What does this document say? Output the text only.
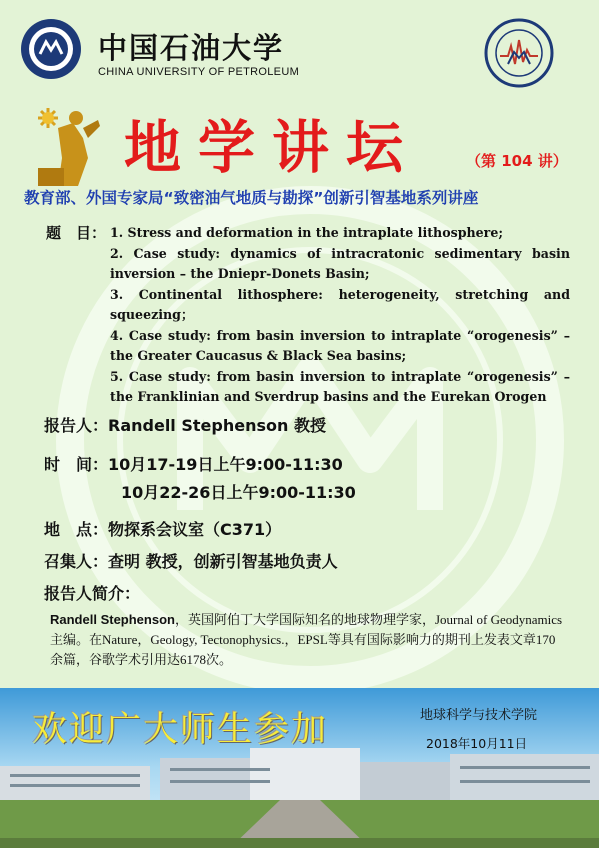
中国石油大学
CHINA UNIVERSITY OF PETROLEUM
地学讲坛	（第 104 讲）
教育部、外国专家局“致密油气地质与勘探”创新引智基地系列讲座
题　目： 1. Stress and deformation in the intraplate lithosphere;

2. Case study: dynamics of intracratonic sedimentary basin inversion – the Dniepr-Donets Basin;

3. Continental lithosphere: heterogeneity, stretching and squeezing；

4. Case study: from basin inversion to intraplate “orogenesis” – the Greater Caucasus & Black Sea basins;

5. Case study: from basin inversion to intraplate “orogenesis” – the Franklinian and Sverdrup basins and the Eurekan Orogen

报告人：Randell Stephenson 教授
时　间：10月17-19日上午9:00-11:30
10月22-26日上午9:00-11:30
地　点：物探系会议室（C371）
召集人：查明 教授，创新引智基地负责人
报告人简介：
Randell Stephenson，英国阿伯丁大学国际知名的地球物理学家，Journal of Geodynamics主编。在Nature，Geology, Tectonophysics.，EPSL等具有国际影响力的期刊上发表文章170余篇，谷歌学术引用达6178次。
欢迎广大师生参加	地球科学与技术学院
2018年10月11日
